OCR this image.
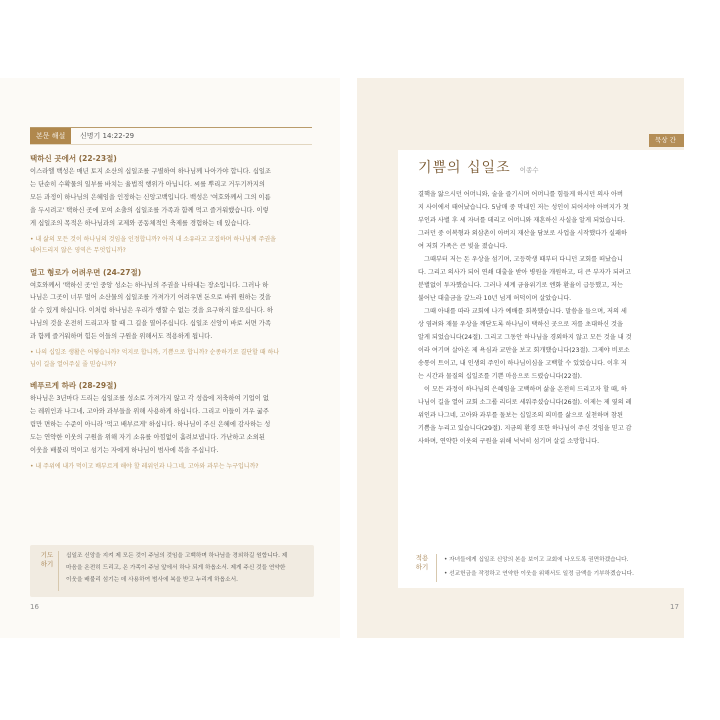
본문 해설	신명기 14:22-29
택하신 곳에서 (22-23절)
이스라엘 백성은 매년 토지 소산의 십일조를 구별하여 하나님께 나아가야 합니다. 십일조
는 단순히 수확물의 일부를 바치는 율법적 행위가 아닙니다. 씨를 뿌리고 거두기까지의
모든 과정이 하나님의 은혜임을 인정하는 신앙고백입니다. 백성은 '여호와께서 그의 이름
을 두시려고' 택하신 곳에 모여 소출의 십일조를 가족과 함께 먹고 즐거워했습니다. 이렇
게 십일조의 목적은 하나님과의 교제와 공동체적인 축제를 경험하는 데 있습니다.
• 내 삶의 모든 것이 하나님의 것임을 인정합니까? 아직 내 소유라고 고집하며 하나님께 주권을
내어드리지 않은 영역은 무엇입니까?
멀고 형로가 어려우면 (24-27절)
여호와께서 '택하신 곳'인 중앙 성소는 하나님의 주권을 나타내는 장소입니다. 그러나 하
나님은 그곳이 너무 멀어 소산물의 십일조를 가져가기 어려우면 돈으로 바꿔 원하는 것을
살 수 있게 하십니다. 이처럼 하나님은 우리가 행할 수 없는 것을 요구하지 않으십니다. 하
나님의 것을 온전히 드리고자 할 때 그 길을 열어주십니다. 십일조 신앙이 바로 서면 가족
과 함께 즐거워하며 힘든 이들의 구원을 위해서도 적용하게 됩니다.
• 나의 십일조 생활은 어떻습니까? 억지로 합니까, 기쁨으로 합니까? 순종하기로 결단할 때 하나
님이 길을 열어주실 줄 믿습니까?
베푸르게 하라 (28-29절)
하나님은 3년마다 드리는 십일조를 성소로 가져가지 않고 각 성읍에 저축하여 기업이 없
는 레위인과 나그네, 고아와 과부들을 위해 사용하게 하십니다. 그리고 이들이 겨우 굶주
림만 면하는 수준이 아니라 '먹고 배부르게' 하십니다. 하나님이 주신 은혜에 감사하는 성
도는 연약한 이웃의 구원을 위해 자기 소유를 아낌없이 흘려보냅니다. 가난하고 소외된
이웃을 배불리 먹이고 섬기는 자에게 하나님이 범사에 복을 주십니다.
• 내 주위에 내가 먹이고 배부르게 해야 할 레위인과 나그네, 고아와 과부는 누구입니까?
기도 하기
십일조 신앙을 지켜 제 모든 것이 주님의 것임을 고백하며 하나님을 경외하길 원합니다. 제
마음을 온전히 드리고, 온 가족이 주님 앞에서 하나 되게 하옵소서. 제게 주신 것들 연약한
이웃을 배불리 섬기는 데 사용하여 범사에 복을 받고 누리게 하옵소서.
16
묵상 간
기쁨의 십일조 이종수
결핵을 앓으시던 어머니와, 술을 즐기시며 어머니를 힘들게 하시던 의사 아버
지 사이에서 태어났습니다. 5남매 중 막내인 저는 성인이 되어서야 아버지가 첫
부인과 사별 후 세 자녀를 데리고 어머니와 재혼하신 사실을 알게 되었습니다.
그러던 중 이복형과 외삼촌이 아버지 재산을 담보로 사업을 시작했다가 실패하
여 저희 가족은 큰 빚을 졌습니다.
그때부터 저는 돈 우상을 섬기며, 고등학생 때부터 다니던 교회를 떠났습니
다. 그리고 의사가 되어 연쇄 대출을 받아 병원을 개원하고, 더 큰 부자가 되려고
분별없이 투자했습니다. 그러나 세계 금융위기로 엔화 환율이 급등했고, 저는
불어난 대출금을 갚느라 10년 넘게 허덕이며 살았습니다.
그때 아내를 따라 교회에 나가 예배를 회복했습니다. 말씀을 들으며, 저의 세
상 염려와 재물 우상을 깨닫도록 하나님이 택하신 곳으로 저를 초대하신 것을
알게 되었습니다(24절). 그리고 그동안 하나님을 경외하지 않고 모든 것을 내 것
이라 여기며 살아온 제 욕심과 교만을 보고 회개했습니다(23절). 그제야 비로소
송통이 트이고, 내 인생의 주인이 하나님이심을 고백할 수 있었습니다. 이후 저
는 시간과 물질의 십일조를 기쁜 마음으로 드렸습니다(22절).
이 모든 과정이 하나님의 은혜임을 고백하며 삶을 온전히 드리고자 할 때, 하
나님이 길을 열어 교회 소그룹 리더로 세워주셨습니다(26절). 이제는 제 옆의 레
위인과 나그네, 고아와 과부를 돌보는 십일조의 의미를 삶으로 실천하며 참된
기쁨을 누리고 있습니다(29절). 지금의 환경 또한 하나님이 주신 것임을 믿고 감
사하며, 연약한 이웃의 구원을 위해 넉넉히 섬기며 살길 소망합니다.
적용 하기
• 자녀들에게 십일조 신앙의 본을 보이고 교회에 나오도록 권면하겠습니다.
• 선교헌금을 작정하고 연약한 이웃을 위해서도 일정 금액을 기부하겠습니다.
17
